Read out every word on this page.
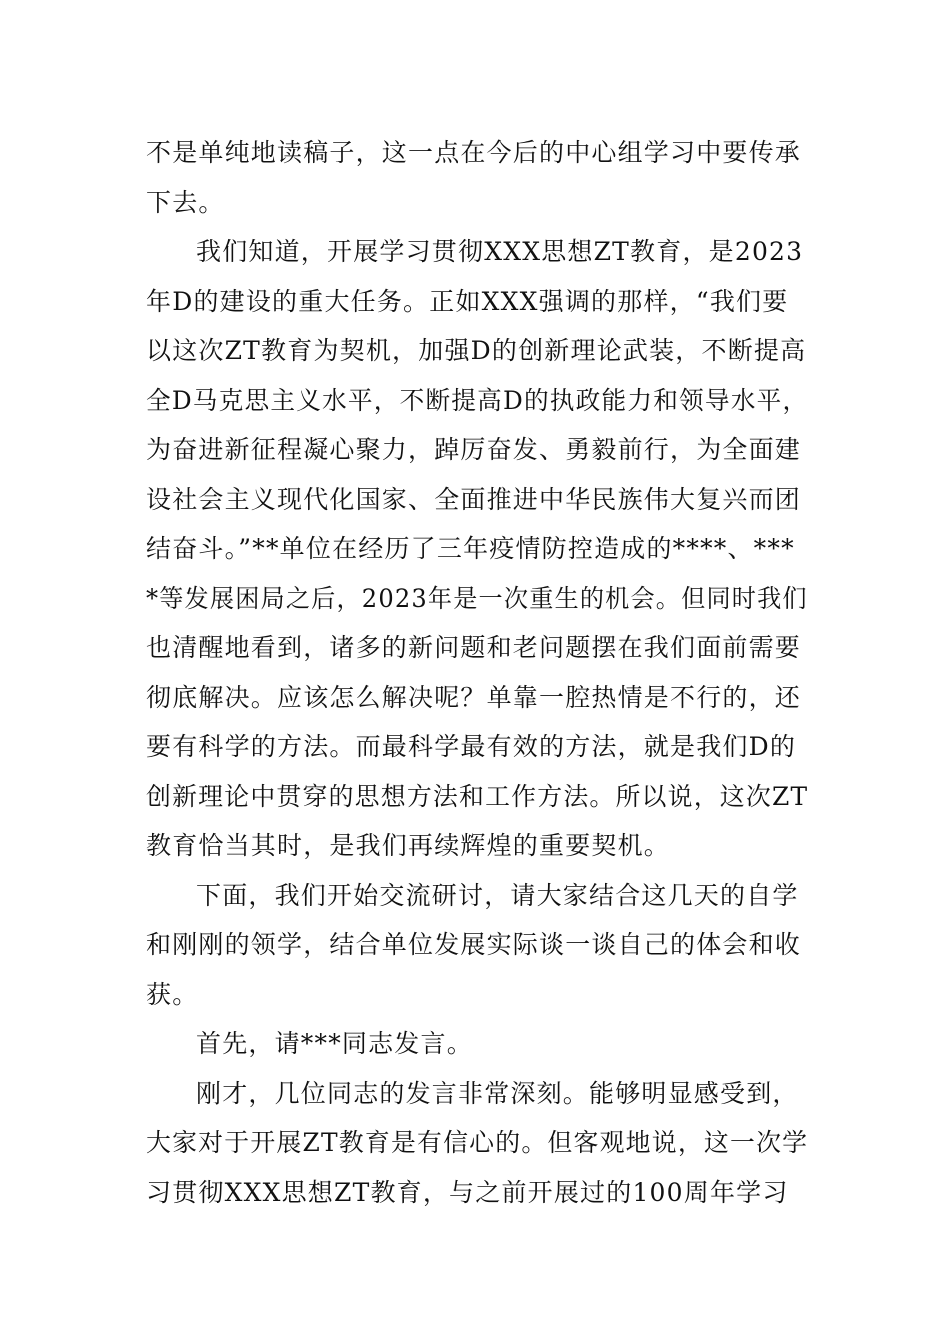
不是单纯地读稿子，这一点在今后的中心组学习中要传承
下去。
我们知道，开展学习贯彻XXX思想ZT教育，是2023
年D的建设的重大任务。正如XXX强调的那样，“我们要
以这次ZT教育为契机，加强D的创新理论武装，不断提高
全D马克思主义水平，不断提高D的执政能力和领导水平，
为奋进新征程凝心聚力，踔厉奋发、勇毅前行，为全面建
设社会主义现代化国家、全面推进中华民族伟大复兴而团
结奋斗。”**单位在经历了三年疫情防控造成的****、***
*等发展困局之后，2023年是一次重生的机会。但同时我们
也清醒地看到，诸多的新问题和老问题摆在我们面前需要
彻底解决。应该怎么解决呢？单靠一腔热情是不行的，还
要有科学的方法。而最科学最有效的方法，就是我们D的
创新理论中贯穿的思想方法和工作方法。所以说，这次ZT
教育恰当其时，是我们再续辉煌的重要契机。
下面，我们开始交流研讨，请大家结合这几天的自学
和刚刚的领学，结合单位发展实际谈一谈自己的体会和收
获。
首先，请***同志发言。
刚才，几位同志的发言非常深刻。能够明显感受到，
大家对于开展ZT教育是有信心的。但客观地说，这一次学
习贯彻XXX思想ZT教育，与之前开展过的100周年学习
